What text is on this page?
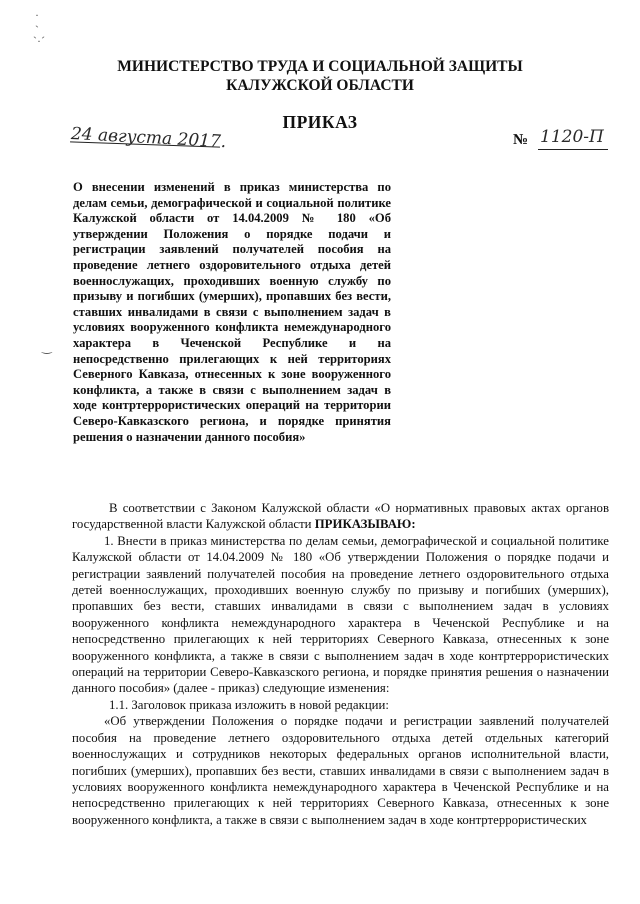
·
ˋ
ˋ·ˊ
‿
МИНИСТЕРСТВО ТРУДА И СОЦИАЛЬНОЙ ЗАЩИТЫ
КАЛУЖСКОЙ ОБЛАСТИ
ПРИКАЗ
24 августа 2017.	№ 1120-П
О внесении изменений в приказ министерства по делам семьи, демографической и социальной политике Калужской области от 14.04.2009 № 180 «Об утверждении Положения о порядке подачи и регистрации заявлений получателей пособия на проведение летнего оздоровительного отдыха детей военнослужащих, проходивших военную службу по призыву и погибших (умерших), пропавших без вести, ставших инвалидами в связи с выполнением задач в условиях вооруженного конфликта немеждународного характера в Чеченской Республике и на непосредственно прилегающих к ней территориях Северного Кавказа, отнесенных к зоне вооруженного конфликта, а также в связи с выполнением задач в ходе контртеррористических операций на территории Северо-Кавказского региона, и порядке принятия решения о назначении данного пособия»

В соответствии с Законом Калужской области «О нормативных правовых актах органов государственной власти Калужской области ПРИКАЗЫВАЮ:

1. Внести в приказ министерства по делам семьи, демографической и социальной политике Калужской области от 14.04.2009 № 180 «Об утверждении Положения о порядке подачи и регистрации заявлений получателей пособия на проведение летнего оздоровительного отдыха детей военнослужащих, проходивших военную службу по призыву и погибших (умерших), пропавших без вести, ставших инвалидами в связи с выполнением задач в условиях вооруженного конфликта немеждународного характера в Чеченской Республике и на непосредственно прилегающих к ней территориях Северного Кавказа, отнесенных к зоне вооруженного конфликта, а также в связи с выполнением задач в ходе контртеррористических операций на территории Северо-Кавказского региона, и порядке принятия решения о назначении данного пособия» (далее - приказ) следующие изменения:

1.1. Заголовок приказа изложить в новой редакции:

«Об утверждении Положения о порядке подачи и регистрации заявлений получателей пособия на проведение летнего оздоровительного отдыха детей отдельных категорий военнослужащих и сотрудников некоторых федеральных органов исполнительной власти, погибших (умерших), пропавших без вести, ставших инвалидами в связи с выполнением задач в условиях вооруженного конфликта немеждународного характера в Чеченской Республике и на непосредственно прилегающих к ней территориях Северного Кавказа, отнесенных к зоне вооруженного конфликта, а также в связи с выполнением задач в ходе контртеррористических
